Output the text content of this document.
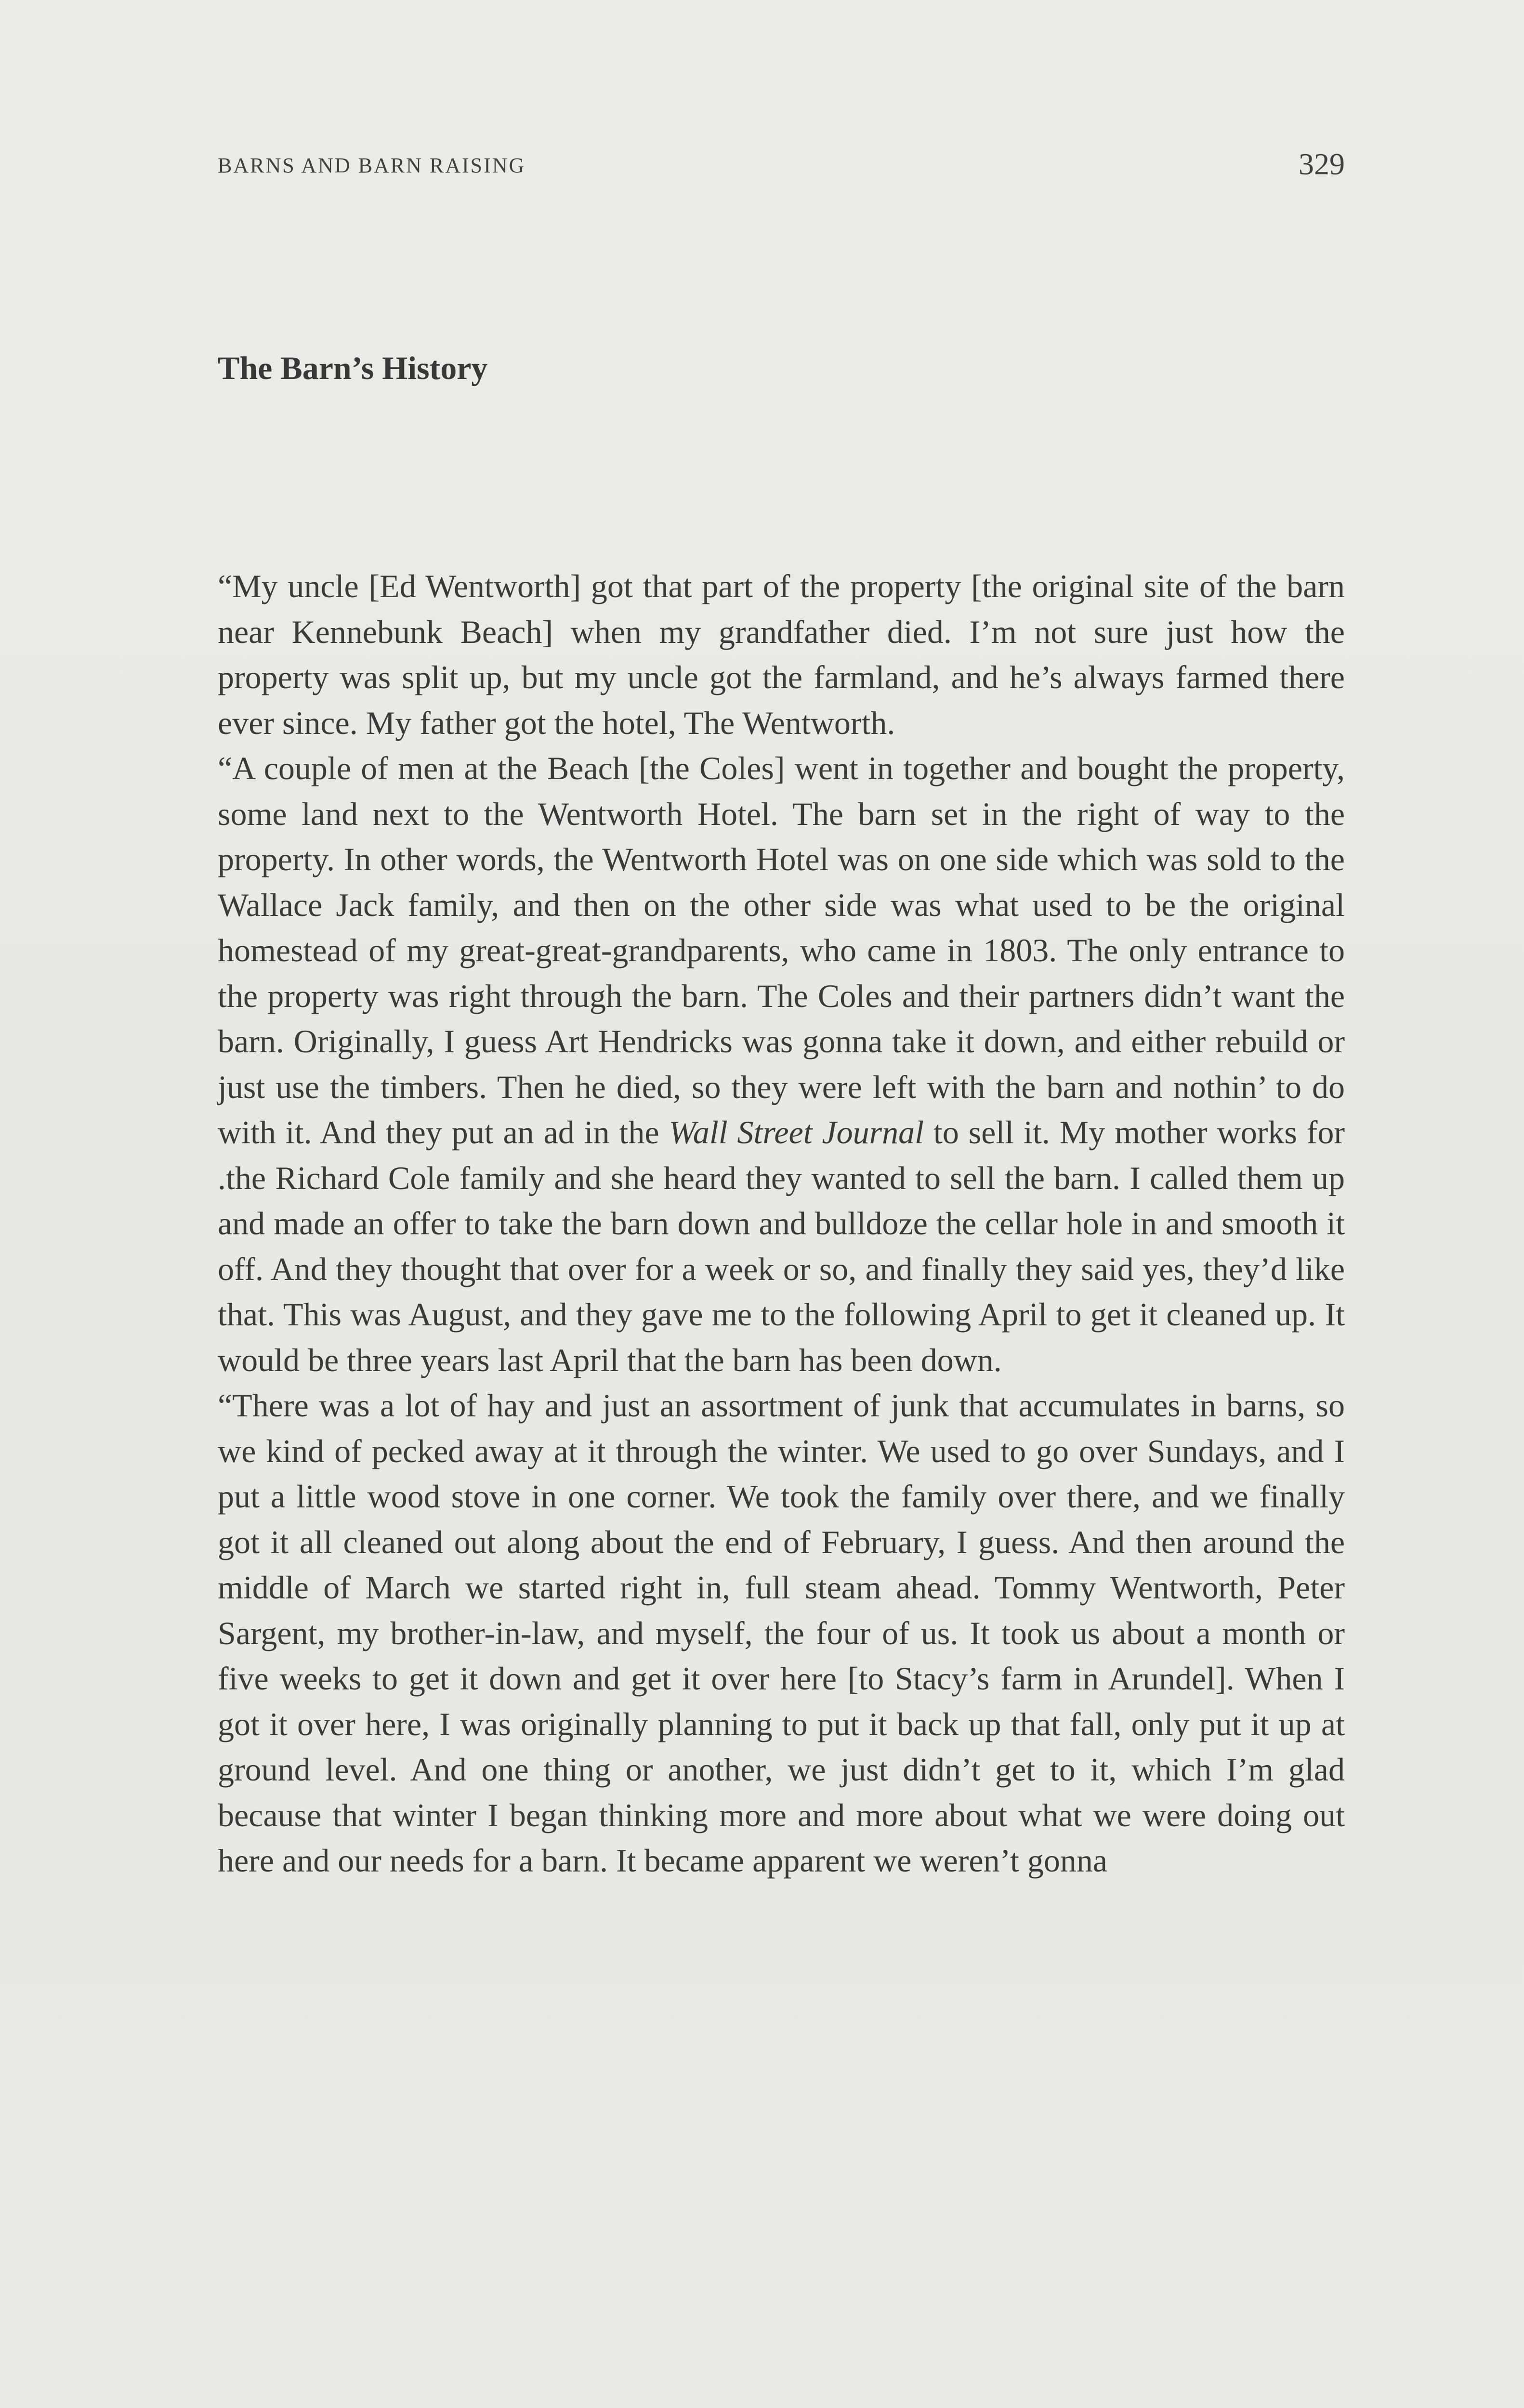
BARNS AND BARN RAISING	329
The Barn’s History

“My uncle [Ed Wentworth] got that part of the property [the original site of the barn near Kennebunk Beach] when my grandfather died. I’m not sure just how the property was split up, but my uncle got the farmland, and he’s always farmed there ever since. My father got the hotel, The Wentworth.

“A couple of men at the Beach [the Coles] went in together and bought the property, some land next to the Wentworth Hotel. The barn set in the right of way to the property. In other words, the Wentworth Hotel was on one side which was sold to the Wallace Jack family, and then on the other side was what used to be the original homestead of my great-great-grandparents, who came in 1803. The only entrance to the property was right through the barn. The Coles and their partners didn’t want the barn. Originally, I guess Art Hendricks was gonna take it down, and either rebuild or just use the timbers. Then he died, so they were left with the barn and nothin’ to do with it. And they put an ad in the Wall Street Journal to sell it. My mother works for .the Richard Cole family and she heard they wanted to sell the barn. I called them up and made an offer to take the barn down and bulldoze the cellar hole in and smooth it off. And they thought that over for a week or so, and finally they said yes, they’d like that. This was August, and they gave me to the following April to get it cleaned up. It would be three years last April that the barn has been down.

“There was a lot of hay and just an assortment of junk that accumulates in barns, so we kind of pecked away at it through the winter. We used to go over Sundays, and I put a little wood stove in one corner. We took the family over there, and we finally got it all cleaned out along about the end of February, I guess. And then around the middle of March we started right in, full steam ahead. Tommy Wentworth, Peter Sargent, my brother-in-law, and myself, the four of us. It took us about a month or five weeks to get it down and get it over here [to Stacy’s farm in Arundel]. When I got it over here, I was originally planning to put it back up that fall, only put it up at ground level. And one thing or another, we just didn’t get to it, which I’m glad because that winter I began thinking more and more about what we were doing out here and our needs for a barn. It became apparent we weren’t gonna
